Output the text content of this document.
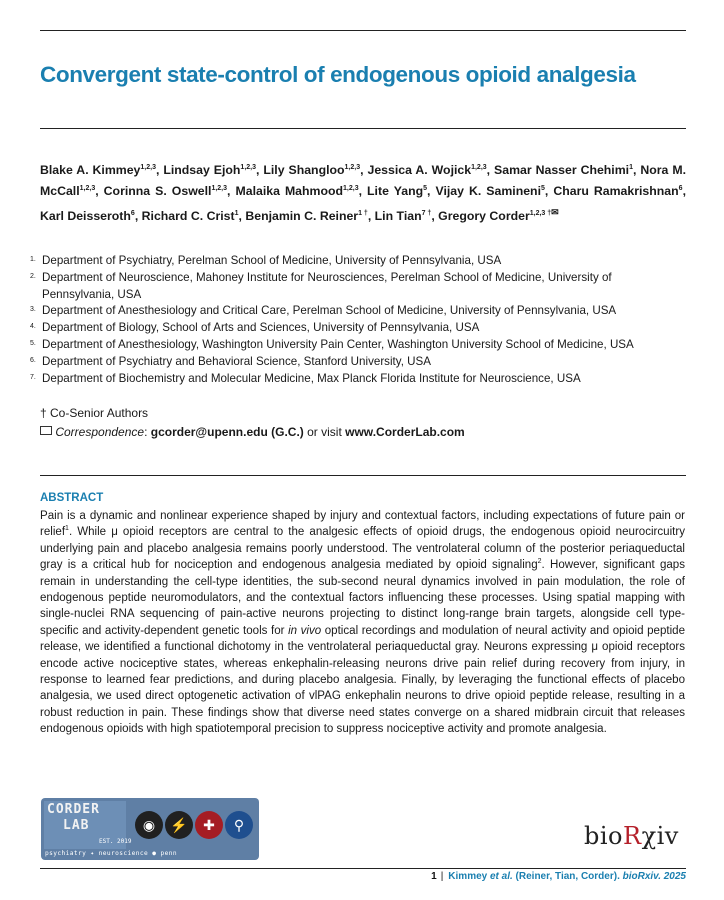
Convergent state-control of endogenous opioid analgesia
Blake A. Kimmey$^{1,2,3}$, Lindsay Ejoh$^{1,2,3}$, Lily Shangloo$^{1,2,3}$, Jessica A. Wojick$^{1,2,3}$, Samar Nasser Chehimi$^1$, Nora M. McCall$^{1,2,3}$, Corinna S. Oswell$^{1,2,3}$, Malaika Mahmood$^{1,2,3}$, Lite Yang$^5$, Vijay K. Samineni$^5$, Charu Ramakrishnan$^6$, Karl Deisseroth$^6$, Richard C. Crist$^1$, Benjamin C. Reiner$^{1 \dagger}$, Lin Tian$^{7 \dagger}$, Gregory Corder$^{1,2,3 \dagger✉}$
1. Department of Psychiatry, Perelman School of Medicine, University of Pennsylvania, USA
2. Department of Neuroscience, Mahoney Institute for Neurosciences, Perelman School of Medicine, University of Pennsylvania, USA
3. Department of Anesthesiology and Critical Care, Perelman School of Medicine, University of Pennsylvania, USA
4. Department of Biology, School of Arts and Sciences, University of Pennsylvania, USA
5. Department of Anesthesiology, Washington University Pain Center, Washington University School of Medicine, USA
6. Department of Psychiatry and Behavioral Science, Stanford University, USA
7. Department of Biochemistry and Molecular Medicine, Max Planck Florida Institute for Neuroscience, USA
† Co-Senior Authors
Correspondence: gcorder@upenn.edu (G.C.) or visit www.CorderLab.com
ABSTRACT

Pain is a dynamic and nonlinear experience shaped by injury and contextual factors, including expectations of future pain or relief$^1$. While μ opioid receptors are central to the analgesic effects of opioid drugs, the endogenous opioid neurocircuitry underlying pain and placebo analgesia remains poorly understood. The ventrolateral column of the posterior periaqueductal gray is a critical hub for nociception and endogenous analgesia mediated by opioid signaling$^2$. However, significant gaps remain in understanding the cell-type identities, the sub-second neural dynamics involved in pain modulation, the role of endogenous peptide neuromodulators, and the contextual factors influencing these processes. Using spatial mapping with single-nuclei RNA sequencing of pain-active neurons projecting to distinct long-range brain targets, alongside cell type-specific and activity-dependent genetic tools for in vivo optical recordings and modulation of neural activity and opioid peptide release, we identified a functional dichotomy in the ventrolateral periaqueductal gray. Neurons expressing μ opioid receptors encode active nociceptive states, whereas enkephalin-releasing neurons drive pain relief during recovery from injury, in response to learned fear predictions, and during placebo analgesia. Finally, by leveraging the functional effects of placebo analgesia, we used direct optogenetic activation of vlPAG enkephalin neurons to drive opioid peptide release, resulting in a robust reduction in pain. These findings show that diverse need states converge on a shared midbrain circuit that releases endogenous opioids with high spatiotemporal precision to suppress nociceptive activity and promote analgesia.

CORDER
LAB
EST. 2019
◉	⚡	✚	⚲
psychiatry ✦ neuroscience ● penn
bioRχiv
1 | Kimmey et al. (Reiner, Tian, Corder). bioRxiv. 2025
